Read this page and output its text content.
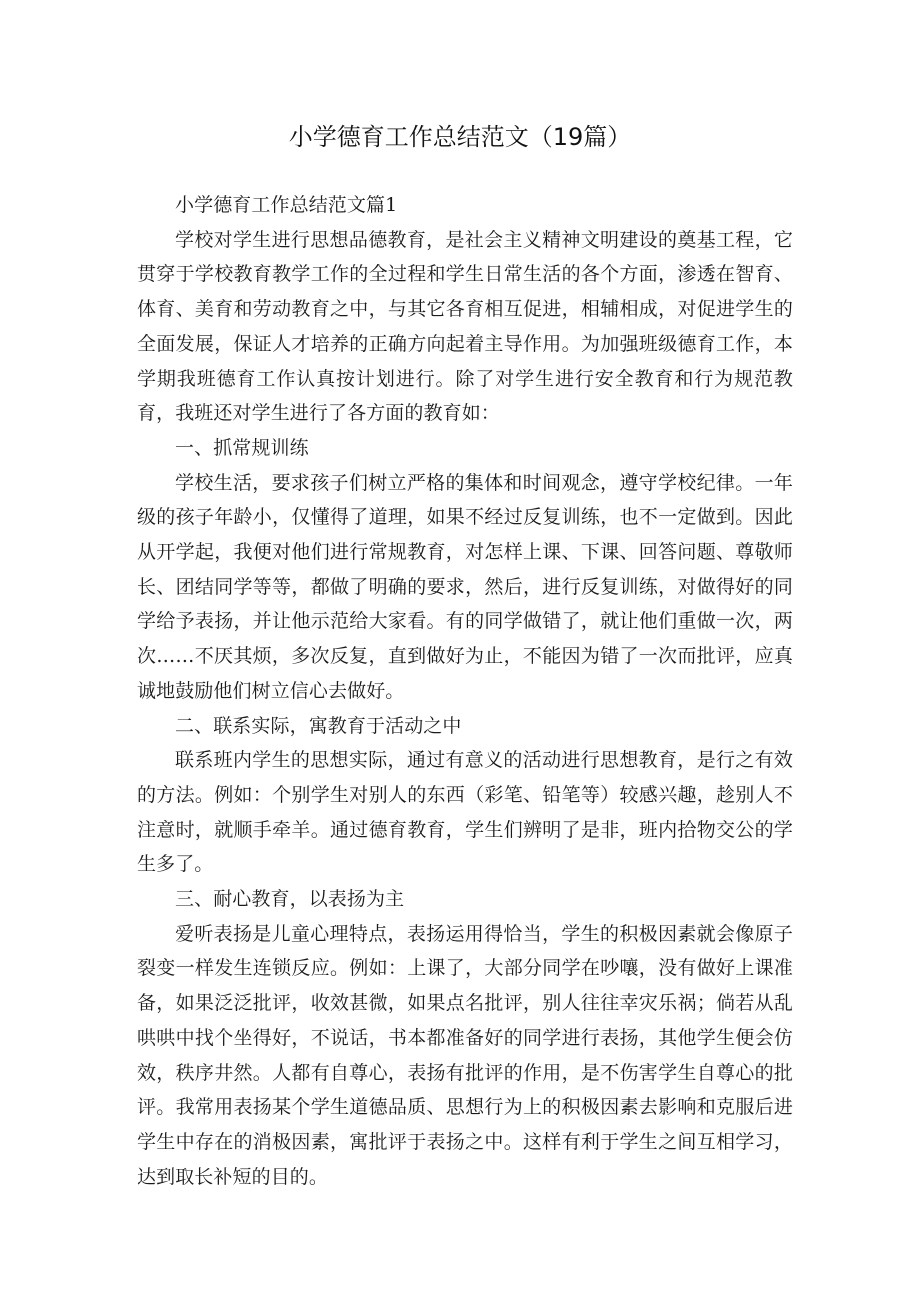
小学德育工作总结范文（19篇）

小学德育工作总结范文篇1

学校对学生进行思想品德教育，是社会主义精神文明建设的奠基工程，它贯穿于学校教育教学工作的全过程和学生日常生活的各个方面，渗透在智育、体育、美育和劳动教育之中，与其它各育相互促进，相辅相成，对促进学生的全面发展，保证人才培养的正确方向起着主导作用。为加强班级德育工作，本学期我班德育工作认真按计划进行。除了对学生进行安全教育和行为规范教育，我班还对学生进行了各方面的教育如：

一、抓常规训练

学校生活，要求孩子们树立严格的集体和时间观念，遵守学校纪律。一年级的孩子年龄小，仅懂得了道理，如果不经过反复训练，也不一定做到。因此从开学起，我便对他们进行常规教育，对怎样上课、下课、回答问题、尊敬师长、团结同学等等，都做了明确的要求，然后，进行反复训练，对做得好的同学给予表扬，并让他示范给大家看。有的同学做错了，就让他们重做一次，两次……不厌其烦，多次反复，直到做好为止，不能因为错了一次而批评，应真诚地鼓励他们树立信心去做好。

二、联系实际，寓教育于活动之中

联系班内学生的思想实际，通过有意义的活动进行思想教育，是行之有效的方法。例如：个别学生对别人的东西（彩笔、铅笔等）较感兴趣，趁别人不注意时，就顺手牵羊。通过德育教育，学生们辨明了是非，班内拾物交公的学生多了。

三、耐心教育，以表扬为主

爱听表扬是儿童心理特点，表扬运用得恰当，学生的积极因素就会像原子裂变一样发生连锁反应。例如：上课了，大部分同学在吵嚷，没有做好上课准备，如果泛泛批评，收效甚微，如果点名批评，别人往往幸灾乐祸；倘若从乱哄哄中找个坐得好，不说话，书本都准备好的同学进行表扬，其他学生便会仿效，秩序井然。人都有自尊心，表扬有批评的作用，是不伤害学生自尊心的批评。我常用表扬某个学生道德品质、思想行为上的积极因素去影响和克服后进学生中存在的消极因素，寓批评于表扬之中。这样有利于学生之间互相学习，达到取长补短的目的。
